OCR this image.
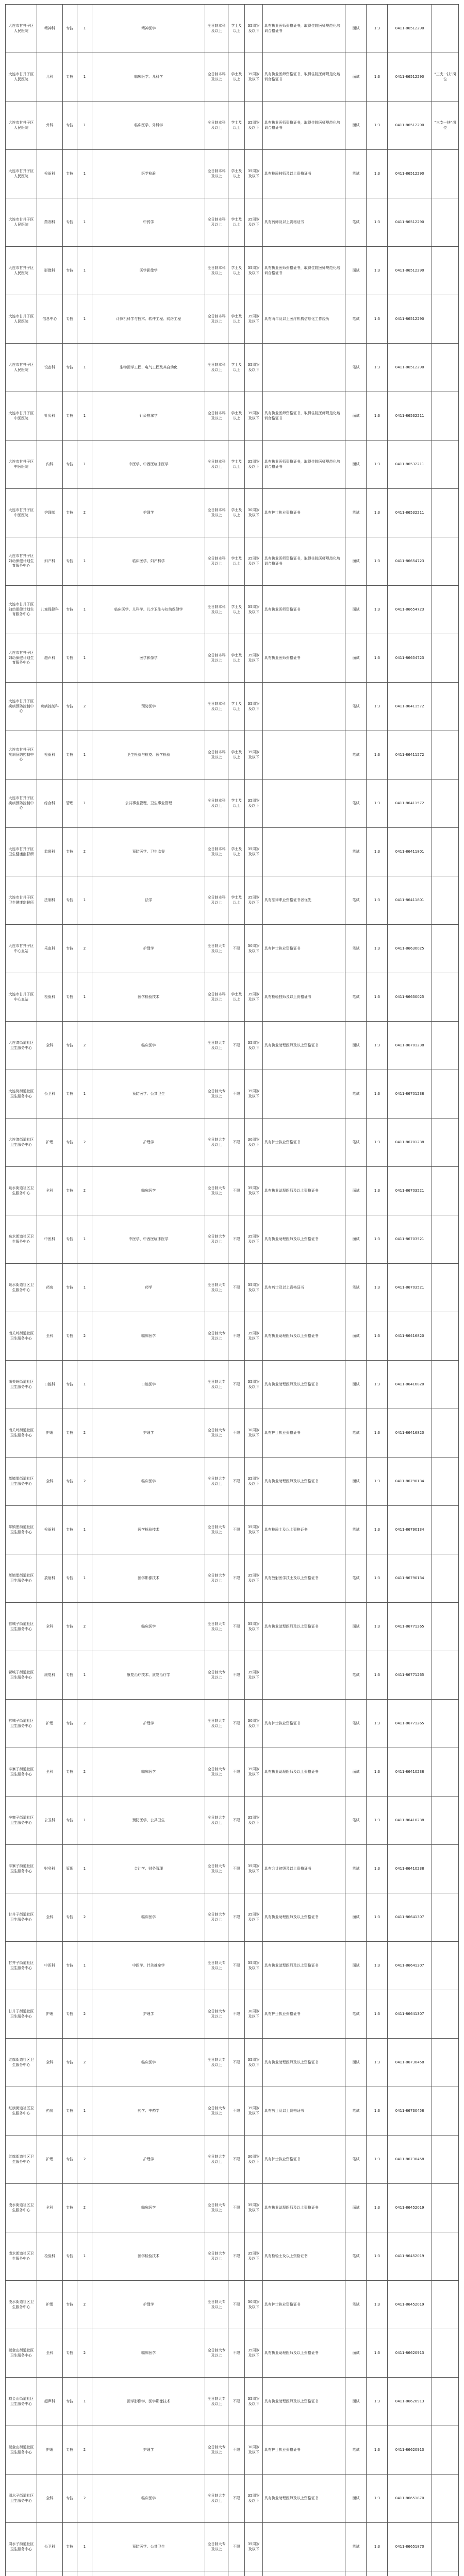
大连市甘井子区人民医院	精神科	专技	1	精神医学	全日制本科及以上	学士及以上	35周岁及以下	具有执业医师资格证书，取得住院医师规范化培训合格证书	面试	1:3	0411-86512290	
大连市甘井子区人民医院	儿科	专技	1	临床医学、儿科学	全日制本科及以上	学士及以上	35周岁及以下	具有执业医师资格证书，取得住院医师规范化培训合格证书	面试	1:3	0411-86512290	“三支一扶”岗位
大连市甘井子区人民医院	外科	专技	1	临床医学、外科学	全日制本科及以上	学士及以上	35周岁及以下	具有执业医师资格证书，取得住院医师规范化培训合格证书	面试	1:3	0411-86512290	“三支一扶”岗位
大连市甘井子区人民医院	检验科	专技	1	医学检验	全日制本科及以上	学士及以上	35周岁及以下	具有检验技师及以上资格证书	笔试	1:3	0411-86512290	
大连市甘井子区人民医院	药剂科	专技	1	中药学	全日制本科及以上	学士及以上	35周岁及以下	具有药师及以上资格证书	笔试	1:3	0411-86512290	
大连市甘井子区人民医院	影像科	专技	1	医学影像学	全日制本科及以上	学士及以上	35周岁及以下	具有执业医师资格证书，取得住院医师规范化培训合格证书	面试	1:3	0411-86512290	
大连市甘井子区人民医院	信息中心	专技	1	计算机科学与技术、软件工程、网络工程	全日制本科及以上	学士及以上	35周岁及以下	具有两年及以上医疗机构信息化工作经历	笔试	1:3	0411-86512290	
大连市甘井子区人民医院	设备科	专技	1	生物医学工程、电气工程及其自动化	全日制本科及以上	学士及以上	35周岁及以下		笔试	1:3	0411-86512290	
大连市甘井子区中医医院	针灸科	专技	1	针灸推拿学	全日制本科及以上	学士及以上	35周岁及以下	具有执业医师资格证书，取得住院医师规范化培训合格证书	面试	1:3	0411-86532211	
大连市甘井子区中医医院	内科	专技	1	中医学、中西医临床医学	全日制本科及以上	学士及以上	35周岁及以下	具有执业医师资格证书，取得住院医师规范化培训合格证书	面试	1:3	0411-86532211	
大连市甘井子区中医医院	护理部	专技	2	护理学	全日制本科及以上	学士及以上	30周岁及以下	具有护士执业资格证书	笔试	1:3	0411-86532211	
大连市甘井子区妇幼保健计划生育服务中心	妇产科	专技	1	临床医学、妇产科学	全日制本科及以上	学士及以上	35周岁及以下	具有执业医师资格证书，取得住院医师规范化培训合格证书	面试	1:3	0411-86654723	
大连市甘井子区妇幼保健计划生育服务中心	儿童保健科	专技	1	临床医学、儿科学、儿少卫生与妇幼保健学	全日制本科及以上	学士及以上	35周岁及以下	具有执业医师资格证书	面试	1:3	0411-86654723	
大连市甘井子区妇幼保健计划生育服务中心	超声科	专技	1	医学影像学	全日制本科及以上	学士及以上	35周岁及以下	具有执业医师资格证书	面试	1:3	0411-86654723	
大连市甘井子区疾病预防控制中心	疾病控制科	专技	2	预防医学	全日制本科及以上	学士及以上	35周岁及以下		笔试	1:3	0411-86411572	
大连市甘井子区疾病预防控制中心	检验科	专技	1	卫生检验与检疫、医学检验	全日制本科及以上	学士及以上	35周岁及以下		笔试	1:3	0411-86411572	
大连市甘井子区疾病预防控制中心	综合科	管理	1	公共事业管理、卫生事业管理	全日制本科及以上	学士及以上	35周岁及以下		笔试	1:3	0411-86411572	
大连市甘井子区卫生健康监督所	监督科	专技	2	预防医学、卫生监督	全日制本科及以上	学士及以上	35周岁及以下		笔试	1:3	0411-86411801	
大连市甘井子区卫生健康监督所	法制科	专技	1	法学	全日制本科及以上	学士及以上	35周岁及以下	具有法律职业资格证书者优先	笔试	1:3	0411-86411801	
大连市甘井子区中心血站	采血科	专技	2	护理学	全日制大专及以上	不限	30周岁及以下	具有护士执业资格证书	笔试	1:3	0411-86630025	
大连市甘井子区中心血站	检验科	专技	1	医学检验技术	全日制本科及以上	学士及以上	35周岁及以下	具有检验技师及以上资格证书	笔试	1:3	0411-86630025	
大连湾街道社区卫生服务中心	全科	专技	2	临床医学	全日制大专及以上	不限	35周岁及以下	具有执业助理医师及以上资格证书	面试	1:3	0411-86701238	
大连湾街道社区卫生服务中心	公卫科	专技	1	预防医学、公共卫生	全日制大专及以上	不限	35周岁及以下		笔试	1:3	0411-86701238	
大连湾街道社区卫生服务中心	护理	专技	2	护理学	全日制大专及以上	不限	30周岁及以下	具有护士执业资格证书	笔试	1:3	0411-86701238	
泉水街道社区卫生服务中心	全科	专技	2	临床医学	全日制大专及以上	不限	35周岁及以下	具有执业助理医师及以上资格证书	面试	1:3	0411-86703521	
泉水街道社区卫生服务中心	中医科	专技	1	中医学、中西医临床医学	全日制大专及以上	不限	35周岁及以下	具有执业助理医师及以上资格证书	面试	1:3	0411-86703521	
泉水街道社区卫生服务中心	药房	专技	1	药学	全日制大专及以上	不限	35周岁及以下	具有药士及以上资格证书	笔试	1:3	0411-86703521	
南关岭街道社区卫生服务中心	全科	专技	2	临床医学	全日制大专及以上	不限	35周岁及以下	具有执业助理医师及以上资格证书	面试	1:3	0411-86416820	
南关岭街道社区卫生服务中心	口腔科	专技	1	口腔医学	全日制大专及以上	不限	35周岁及以下	具有执业助理医师及以上资格证书	面试	1:3	0411-86416820	
南关岭街道社区卫生服务中心	护理	专技	2	护理学	全日制大专及以上	不限	30周岁及以下	具有护士执业资格证书	笔试	1:3	0411-86416820	
革镇堡街道社区卫生服务中心	全科	专技	2	临床医学	全日制大专及以上	不限	35周岁及以下	具有执业助理医师及以上资格证书	面试	1:3	0411-86790134	
革镇堡街道社区卫生服务中心	检验科	专技	1	医学检验技术	全日制大专及以上	不限	35周岁及以下	具有检验士及以上资格证书	笔试	1:3	0411-86790134	
革镇堡街道社区卫生服务中心	放射科	专技	1	医学影像技术	全日制大专及以上	不限	35周岁及以下	具有放射医学技士及以上资格证书	笔试	1:3	0411-86790134	
营城子街道社区卫生服务中心	全科	专技	2	临床医学	全日制大专及以上	不限	35周岁及以下	具有执业助理医师及以上资格证书	面试	1:3	0411-86771265	
营城子街道社区卫生服务中心	康复科	专技	1	康复治疗技术、康复治疗学	全日制大专及以上	不限	35周岁及以下		笔试	1:3	0411-86771265	
营城子街道社区卫生服务中心	护理	专技	2	护理学	全日制大专及以上	不限	30周岁及以下	具有护士执业资格证书	笔试	1:3	0411-86771265	
辛寨子街道社区卫生服务中心	全科	专技	2	临床医学	全日制大专及以上	不限	35周岁及以下	具有执业助理医师及以上资格证书	面试	1:3	0411-86410238	
辛寨子街道社区卫生服务中心	公卫科	专技	1	预防医学、公共卫生	全日制大专及以上	不限	35周岁及以下		笔试	1:3	0411-86410238	
辛寨子街道社区卫生服务中心	财务科	管理	1	会计学、财务管理	全日制大专及以上	不限	35周岁及以下	具有会计初级及以上资格证书	笔试	1:3	0411-86410238	
甘井子街道社区卫生服务中心	全科	专技	2	临床医学	全日制大专及以上	不限	35周岁及以下	具有执业助理医师及以上资格证书	面试	1:3	0411-86641307	
甘井子街道社区卫生服务中心	中医科	专技	1	中医学、针灸推拿学	全日制大专及以上	不限	35周岁及以下	具有执业助理医师及以上资格证书	面试	1:3	0411-86641307	
甘井子街道社区卫生服务中心	护理	专技	2	护理学	全日制大专及以上	不限	30周岁及以下	具有护士执业资格证书	笔试	1:3	0411-86641307	
红旗街道社区卫生服务中心	全科	专技	2	临床医学	全日制大专及以上	不限	35周岁及以下	具有执业助理医师及以上资格证书	面试	1:3	0411-86730458	
红旗街道社区卫生服务中心	药房	专技	1	药学、中药学	全日制大专及以上	不限	35周岁及以下	具有药士及以上资格证书	笔试	1:3	0411-86730458	
红旗街道社区卫生服务中心	护理	专技	2	护理学	全日制大专及以上	不限	30周岁及以下	具有护士执业资格证书	笔试	1:3	0411-86730458	
凌水街道社区卫生服务中心	全科	专技	2	临床医学	全日制大专及以上	不限	35周岁及以下	具有执业助理医师及以上资格证书	面试	1:3	0411-86452019	
凌水街道社区卫生服务中心	检验科	专技	1	医学检验技术	全日制大专及以上	不限	35周岁及以下	具有检验士及以上资格证书	笔试	1:3	0411-86452019	
凌水街道社区卫生服务中心	护理	专技	2	护理学	全日制大专及以上	不限	30周岁及以下	具有护士执业资格证书	笔试	1:3	0411-86452019	
椒金山街道社区卫生服务中心	全科	专技	2	临床医学	全日制大专及以上	不限	35周岁及以下	具有执业助理医师及以上资格证书	面试	1:3	0411-86620913	
椒金山街道社区卫生服务中心	超声科	专技	1	医学影像学、医学影像技术	全日制大专及以上	不限	35周岁及以下	具有执业助理医师及以上资格证书	面试	1:3	0411-86620913	
椒金山街道社区卫生服务中心	护理	专技	2	护理学	全日制大专及以上	不限	30周岁及以下	具有护士执业资格证书	笔试	1:3	0411-86620913	
周水子街道社区卫生服务中心	全科	专技	2	临床医学	全日制大专及以上	不限	35周岁及以下	具有执业助理医师及以上资格证书	面试	1:3	0411-86651870	
周水子街道社区卫生服务中心	公卫科	专技	1	预防医学、公共卫生	全日制大专及以上	不限	35周岁及以下		笔试	1:3	0411-86651870	
